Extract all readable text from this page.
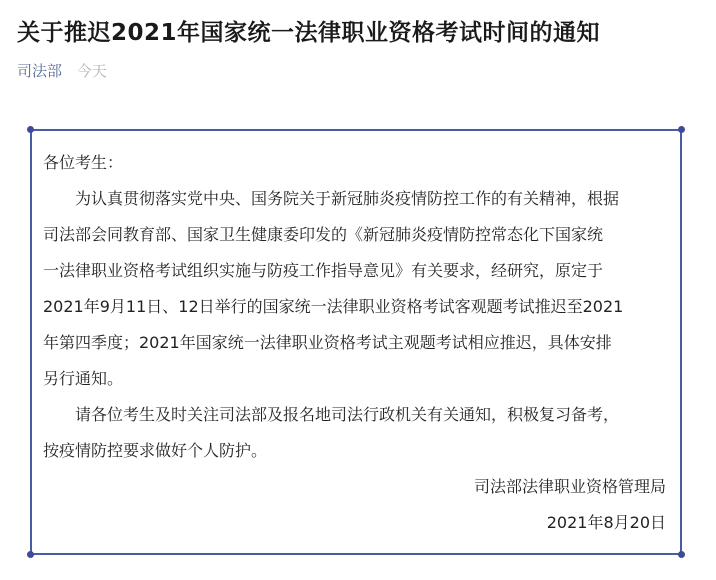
关于推迟2021年国家统一法律职业资格考试时间的通知
司法部 今天
各位考生：
为认真贯彻落实党中央、国务院关于新冠肺炎疫情防控工作的有关精神，根据
司法部会同教育部、国家卫生健康委印发的《新冠肺炎疫情防控常态化下国家统
一法律职业资格考试组织实施与防疫工作指导意见》有关要求，经研究，原定于
2021年9月11日、12日举行的国家统一法律职业资格考试客观题考试推迟至2021
年第四季度；2021年国家统一法律职业资格考试主观题考试相应推迟，具体安排
另行通知。
请各位考生及时关注司法部及报名地司法行政机关有关通知，积极复习备考，
按疫情防控要求做好个人防护。
司法部法律职业资格管理局
2021年8月20日
